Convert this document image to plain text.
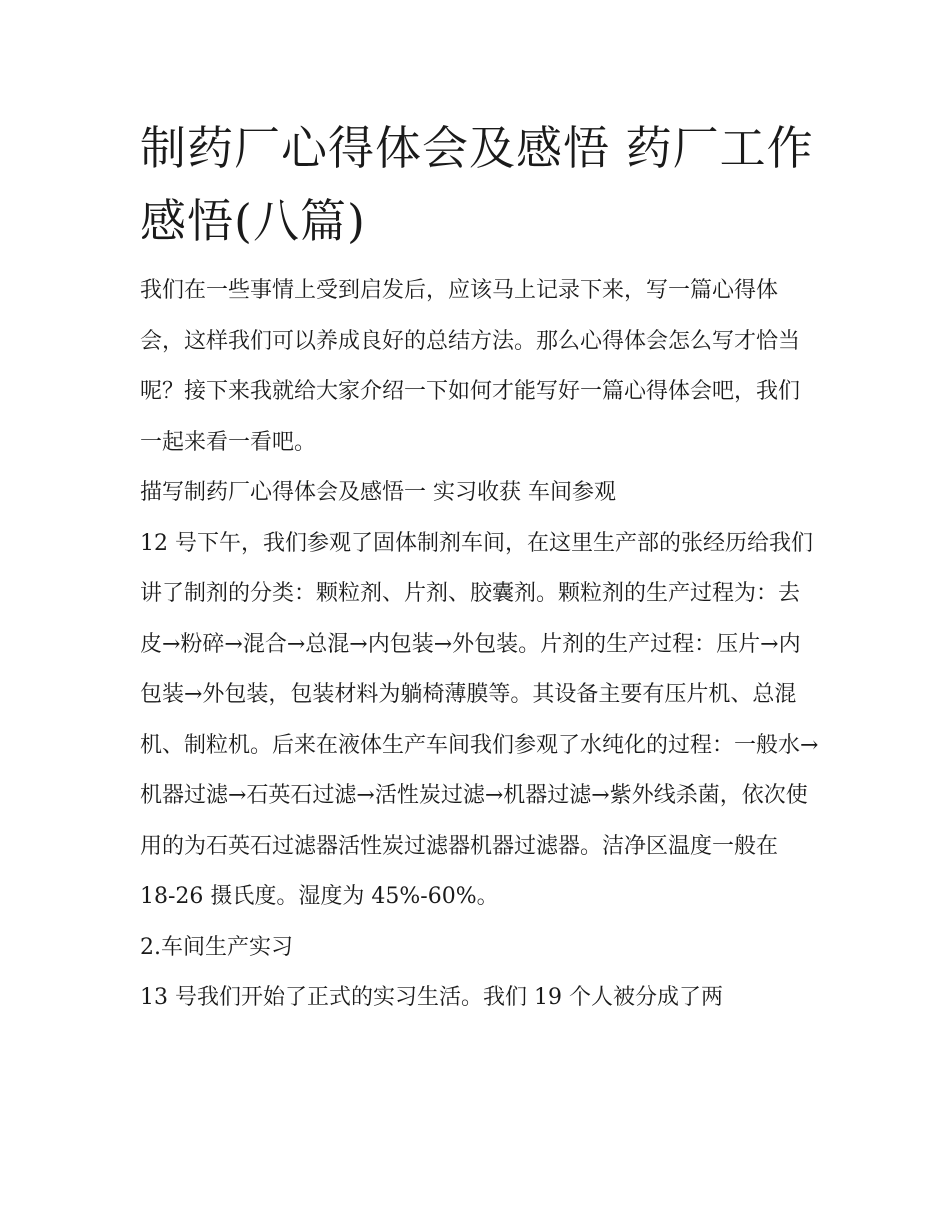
制药厂心得体会及感悟 药厂工作感悟(八篇)

我们在一些事情上受到启发后，应该马上记录下来，写一篇心得体会，这样我们可以养成良好的总结方法。那么心得体会怎么写才恰当呢？接下来我就给大家介绍一下如何才能写好一篇心得体会吧，我们一起来看一看吧。

描写制药厂心得体会及感悟一 实习收获 车间参观

12 号下午，我们参观了固体制剂车间，在这里生产部的张经历给我们讲了制剂的分类：颗粒剂、片剂、胶囊剂。颗粒剂的生产过程为：去皮→粉碎→混合→总混→内包装→外包装。片剂的生产过程：压片→内包装→外包装，包装材料为躺椅薄膜等。其设备主要有压片机、总混机、制粒机。后来在液体生产车间我们参观了水纯化的过程：一般水→机器过滤→石英石过滤→活性炭过滤→机器过滤→紫外线杀菌，依次使用的为石英石过滤器活性炭过滤器机器过滤器。洁净区温度一般在 18-26 摄氏度。湿度为 45%-60%。

2.车间生产实习

13 号我们开始了正式的实习生活。我们 19 个人被分成了两
